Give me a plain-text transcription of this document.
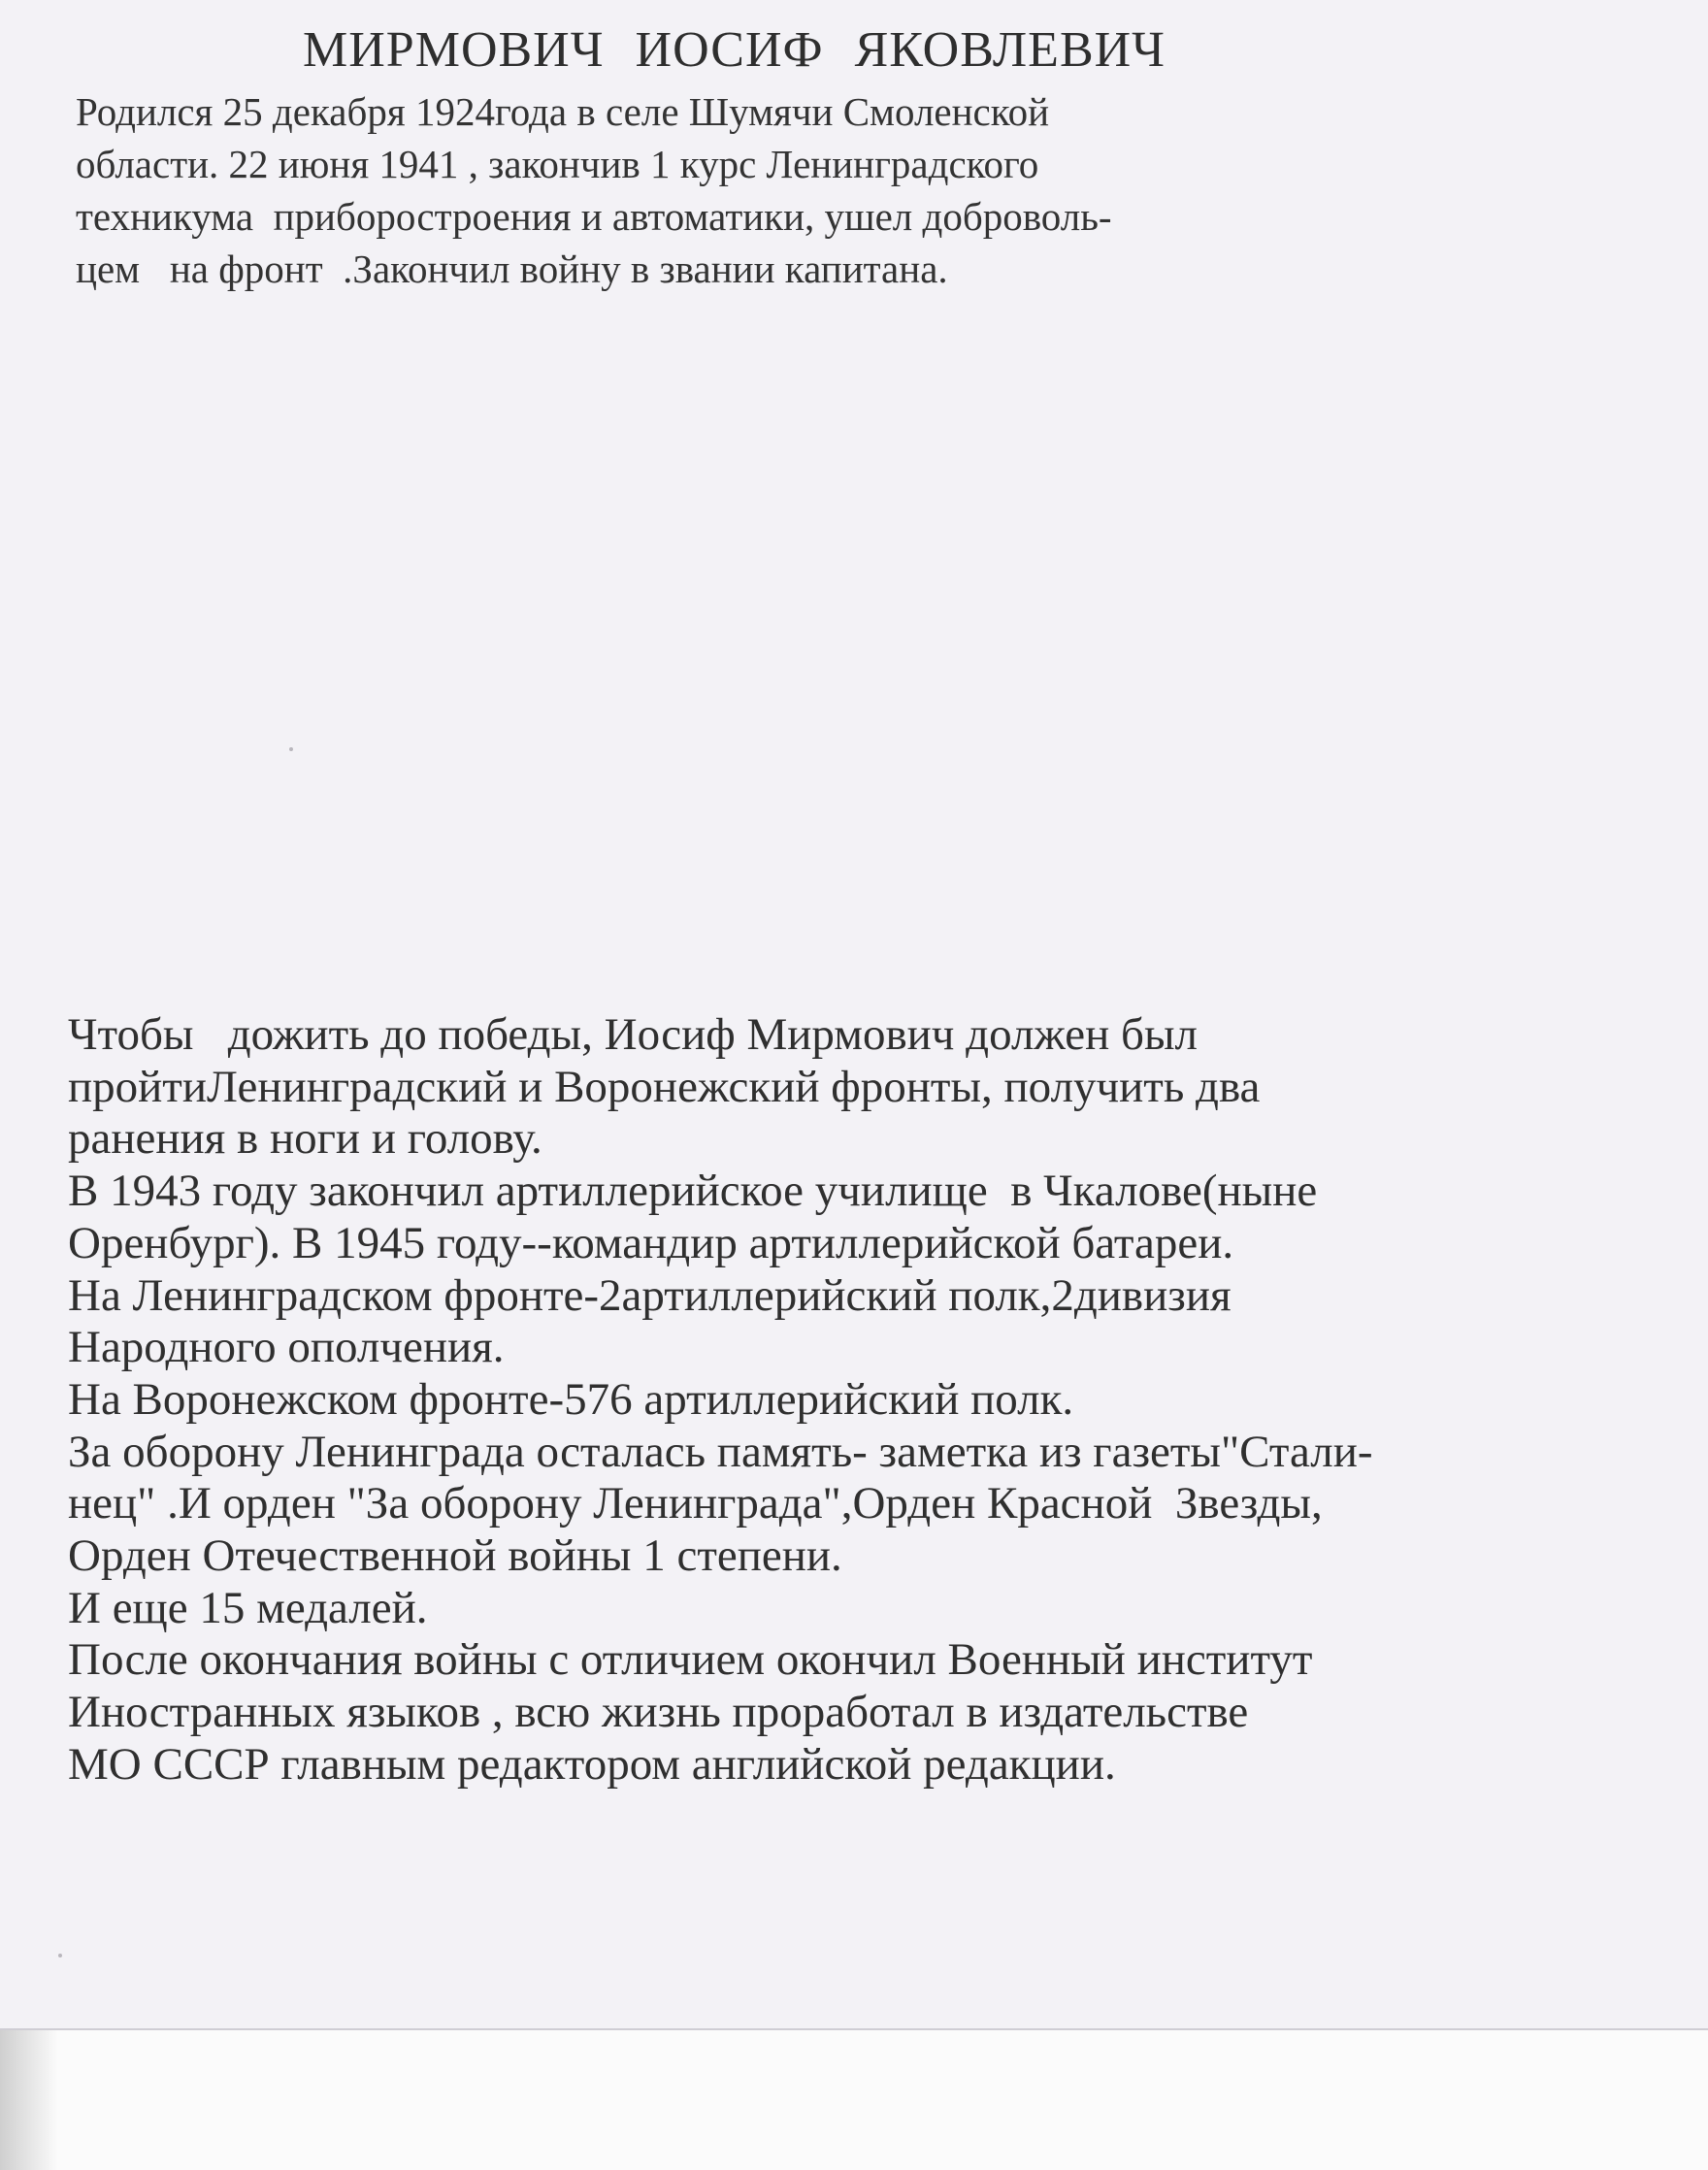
МИРМОВИЧ ИОСИФ ЯКОВЛЕВИЧ
Родился 25 декабря 1924года в селе Шумячи Смоленской
области. 22 июня 1941 , закончив 1 курс Ленинградского
техникума  приборостроения и автоматики, ушел доброволь-
цем   на фронт  .Закончил войну в звании капитана.
Чтобы   дожить до победы, Иосиф Мирмович должен был
пройтиЛенинградский и Воронежский фронты, получить два
ранения в ноги и голову.
В 1943 году закончил артиллерийское училище  в Чкалове(ныне
Оренбург). В 1945 году--командир артиллерийской батареи.
На Ленинградском фронте-2артиллерийский полк,2дивизия
Народного ополчения.
На Воронежском фронте-576 артиллерийский полк.
За оборону Ленинграда осталась память- заметка из газеты"Стали-
нец" .И орден "За оборону Ленинграда",Орден Красной  Звезды,
Орден Отечественной войны 1 степени.
И еще 15 медалей.
После окончания войны с отличием окончил Военный институт
Иностранных языков , всю жизнь проработал в издательстве
МО СССР главным редактором английской редакции.
